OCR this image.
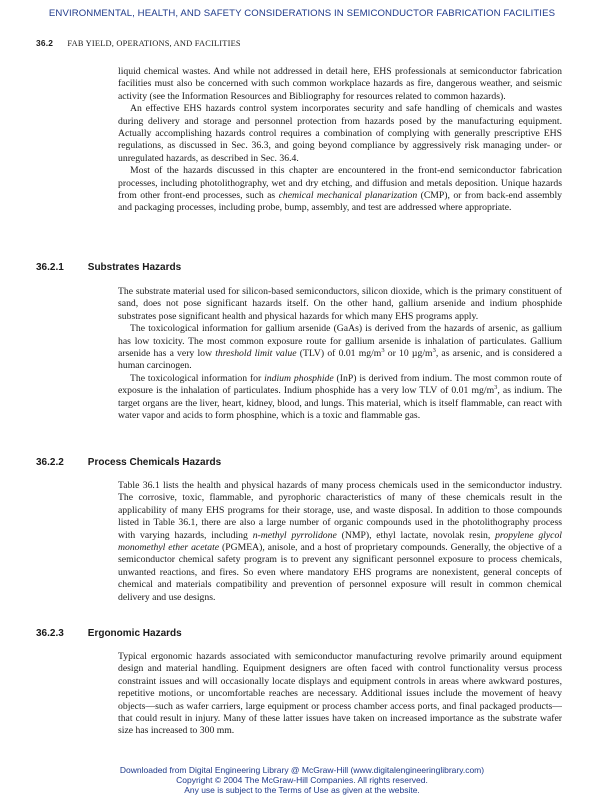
ENVIRONMENTAL, HEALTH, AND SAFETY CONSIDERATIONS IN SEMICONDUCTOR FABRICATION FACILITIES
36.2 FAB YIELD, OPERATIONS, AND FACILITIES

liquid chemical wastes. And while not addressed in detail here, EHS professionals at semiconductor fabrication facilities must also be concerned with such common workplace hazards as fire, dangerous weather, and seismic activity (see the Information Resources and Bibliography for resources related to common hazards).

An effective EHS hazards control system incorporates security and safe handling of chemicals and wastes during delivery and storage and personnel protection from hazards posed by the manufacturing equipment. Actually accomplishing hazards control requires a combination of complying with generally prescriptive EHS regulations, as discussed in Sec. 36.3, and going beyond compliance by aggressively risk managing under- or unregulated hazards, as described in Sec. 36.4.

Most of the hazards discussed in this chapter are encountered in the front-end semiconductor fabrication processes, including photolithography, wet and dry etching, and diffusion and metals deposition. Unique hazards from other front-end processes, such as chemical mechanical planarization (CMP), or from back-end assembly and packaging processes, including probe, bump, assembly, and test are addressed where appropriate.

36.2.1 Substrates Hazards

The substrate material used for silicon-based semiconductors, silicon dioxide, which is the primary constituent of sand, does not pose significant hazards itself. On the other hand, gallium arsenide and indium phosphide substrates pose significant health and physical hazards for which many EHS programs apply.

The toxicological information for gallium arsenide (GaAs) is derived from the hazards of arsenic, as gallium has low toxicity. The most common exposure route for gallium arsenide is inhalation of particulates. Gallium arsenide has a very low threshold limit value (TLV) of 0.01 $mg/m^3$ or 10 $\mu g/m^3$, as arsenic, and is considered a human carcinogen.

The toxicological information for indium phosphide (InP) is derived from indium. The most common route of exposure is the inhalation of particulates. Indium phosphide has a very low TLV of 0.01 $mg/m^3$, as indium. The target organs are the liver, heart, kidney, blood, and lungs. This material, which is itself flammable, can react with water vapor and acids to form phosphine, which is a toxic and flammable gas.

36.2.2 Process Chemicals Hazards

Table 36.1 lists the health and physical hazards of many process chemicals used in the semiconductor industry. The corrosive, toxic, flammable, and pyrophoric characteristics of many of these chemicals result in the applicability of many EHS programs for their storage, use, and waste disposal. In addition to those compounds listed in Table 36.1, there are also a large number of organic compounds used in the photolithography process with varying hazards, including n-methyl pyrrolidone (NMP), ethyl lactate, novolak resin, propylene glycol monomethyl ether acetate (PGMEA), anisole, and a host of proprietary compounds. Generally, the objective of a semiconductor chemical safety program is to prevent any significant personnel exposure to process chemicals, unwanted reactions, and fires. So even where mandatory EHS programs are nonexistent, general concepts of chemical and materials compatibility and prevention of personnel exposure will result in common chemical delivery and use designs.

36.2.3 Ergonomic Hazards

Typical ergonomic hazards associated with semiconductor manufacturing revolve primarily around equipment design and material handling. Equipment designers are often faced with control functionality versus process constraint issues and will occasionally locate displays and equipment controls in areas where awkward postures, repetitive motions, or uncomfortable reaches are necessary. Additional issues include the movement of heavy objects—such as wafer carriers, large equipment or process chamber access ports, and final packaged products—that could result in injury. Many of these latter issues have taken on increased importance as the substrate wafer size has increased to 300 mm.

Downloaded from Digital Engineering Library @ McGraw-Hill (www.digitalengineeringlibrary.com)
Copyright © 2004 The McGraw-Hill Companies. All rights reserved.
Any use is subject to the Terms of Use as given at the website.
